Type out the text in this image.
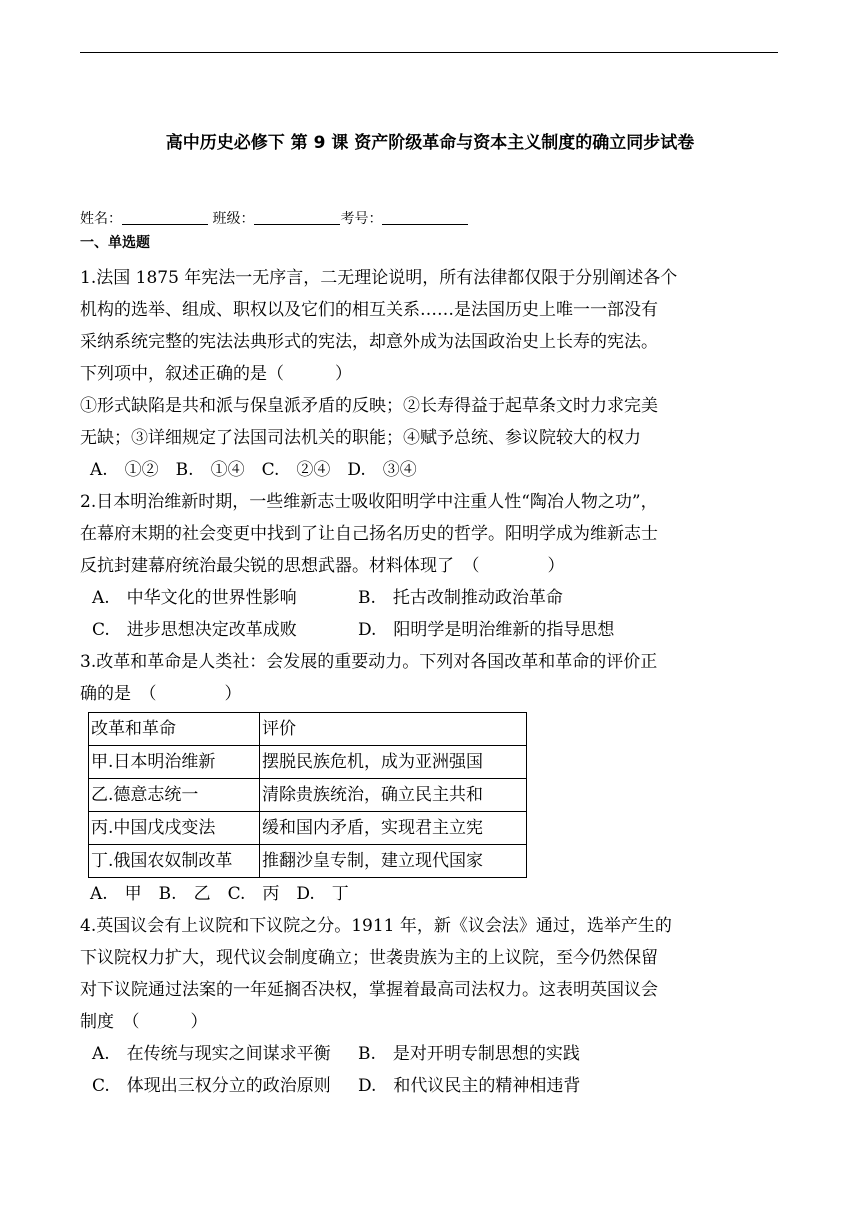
高中历史必修下 第 9 课 资产阶级革命与资本主义制度的确立同步试卷
姓名：	班级：	考号：
一、单选题
1.法国 1875 年宪法一无序言，二无理论说明，所有法律都仅限于分别阐述各个
机构的选举、组成、职权以及它们的相互关系……是法国历史上唯一一部没有
采纳系统完整的宪法法典形式的宪法，却意外成为法国政治史上长寿的宪法。
下列项中，叙述正确的是（　　　）
①形式缺陷是共和派与保皇派矛盾的反映；②长寿得益于起草条文时力求完美
无缺；③详细规定了法国司法机关的职能；④赋予总统、参议院较大的权力
A.　①②　B.　①④　C.　②④　D.　③④
2.日本明治维新时期，一些维新志士吸收阳明学中注重人性“陶冶人物之功”，
在幕府末期的社会变更中找到了让自己扬名历史的哲学。阳明学成为维新志士
反抗封建幕府统治最尖锐的思想武器。材料体现了　（　　　　）
A.　中华文化的世界性影响	B.　托古改制推动政治革命
C.　进步思想决定改革成败	D.　阳明学是明治维新的指导思想
3.改革和革命是人类社：会发展的重要动力。下列对各国改革和革命的评价正
确的是　（　　　　）
改革和革命	评价
甲.日本明治维新	摆脱民族危机，成为亚洲强国
乙.德意志统一	清除贵族统治，确立民主共和
丙.中国戊戌变法	缓和国内矛盾，实现君主立宪
丁.俄国农奴制改革	推翻沙皇专制，建立现代国家
A.　甲　B.　乙　C.　丙　D.　丁
4.英国议会有上议院和下议院之分。1911 年，新《议会法》通过，选举产生的
下议院权力扩大，现代议会制度确立；世袭贵族为主的上议院，至今仍然保留
对下议院通过法案的一年延搁否决权，掌握着最高司法权力。这表明英国议会
制度　（　　　）
A.　在传统与现实之间谋求平衡 B.　是对开明专制思想的实践
C.　体现出三权分立的政治原则 D.　和代议民主的精神相违背
